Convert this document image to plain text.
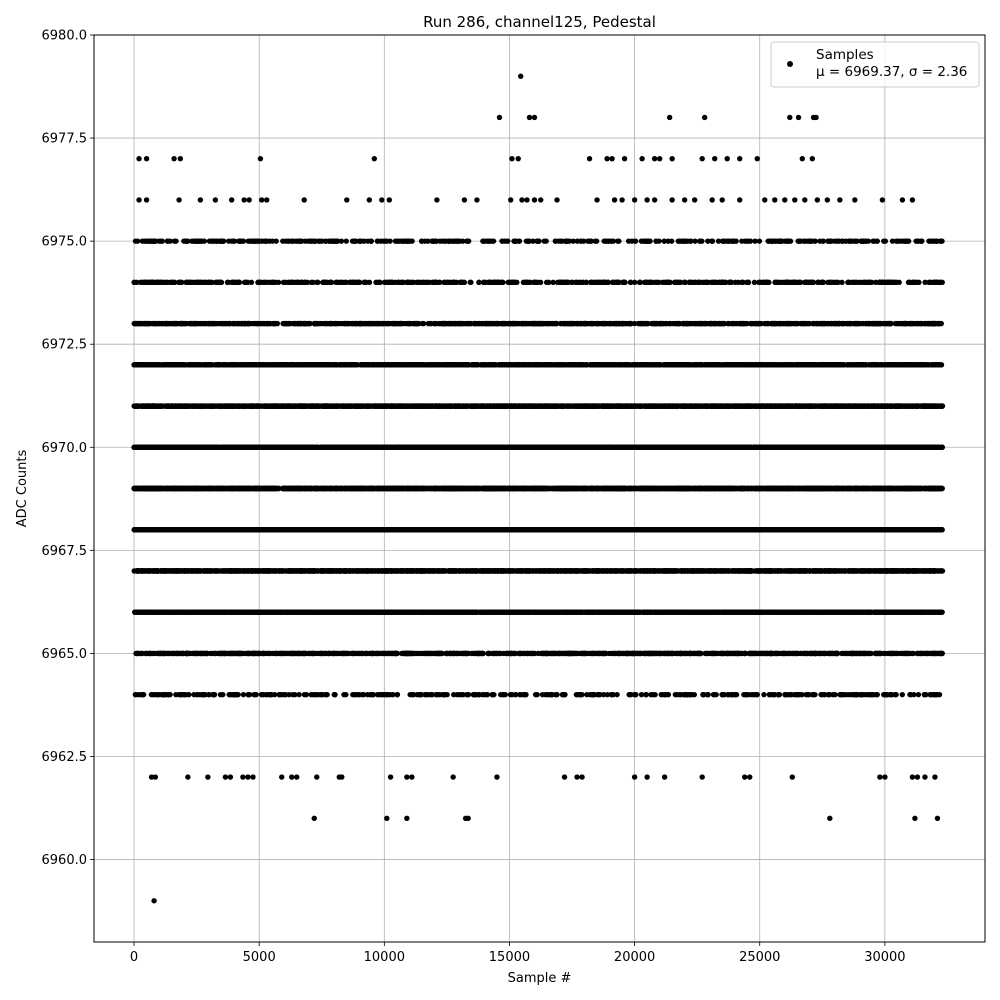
0	5000	10000	15000	20000	25000	30000
6960.0
6962.5
6965.0
6967.5
6970.0
6972.5
6975.0
6977.5
6980.0
Run 286, channel125, Pedestal
Sample #
ADC Counts
Samples
μ = 6969.37, σ = 2.36
